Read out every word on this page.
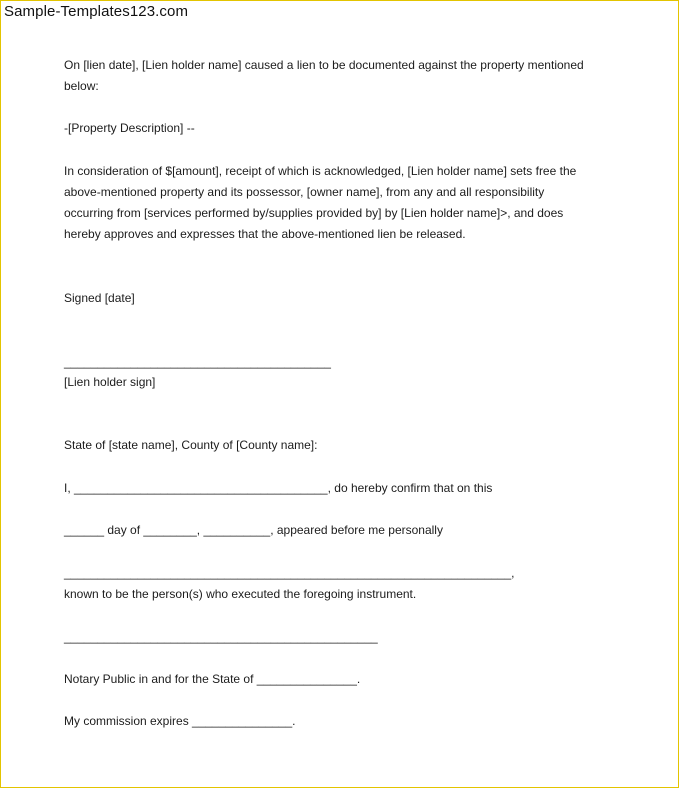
Sample-Templates123.com
On [lien date], [Lien holder name] caused a lien to be documented against the property mentioned
below:
-[Property Description] --
In consideration of $[amount], receipt of which is acknowledged, [Lien holder name] sets free the
above-mentioned property and its possessor, [owner name], from any and all responsibility
occurring from [services performed by/supplies provided by] by [Lien holder name]>, and does
hereby approves and expresses that the above-mentioned lien be released.
Signed [date]
________________________________________
[Lien holder sign]
State of [state name], County of [County name]:
I, ______________________________________, do hereby confirm that on this
______ day of ________, __________, appeared before me personally
___________________________________________________________________,
known to be the person(s) who executed the foregoing instrument.
_______________________________________________
Notary Public in and for the State of _______________.
My commission expires _______________.
